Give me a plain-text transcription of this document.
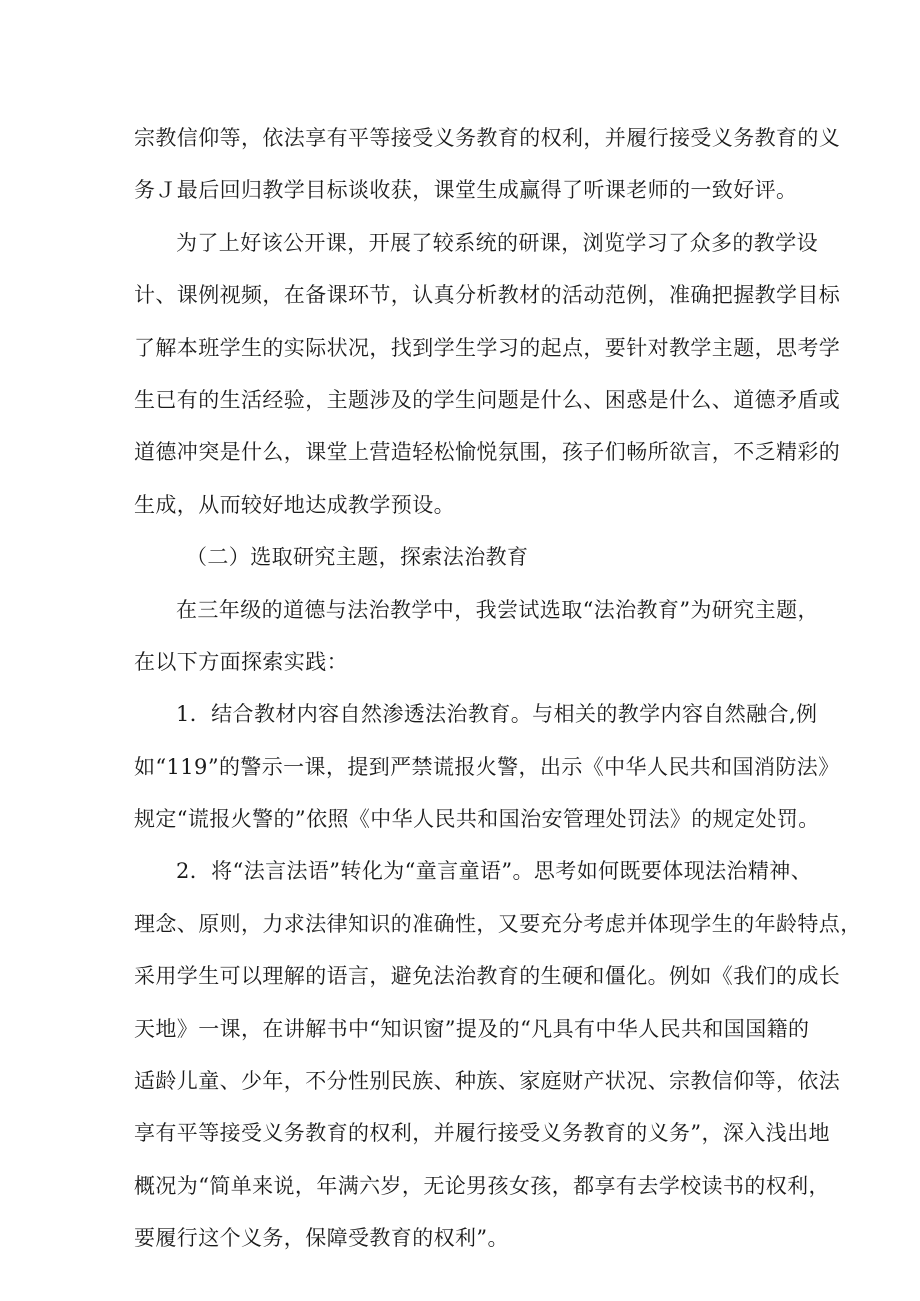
宗教信仰等，依法享有平等接受义务教育的权利，并履行接受义务教育的义
务Ｊ最后回归教学目标谈收获，课堂生成赢得了听课老师的一致好评。
为了上好该公开课，开展了较系统的研课，浏览学习了众多的教学设
计、课例视频，在备课环节，认真分析教材的活动范例，准确把握教学目标
了解本班学生的实际状况，找到学生学习的起点，要针对教学主题，思考学
生已有的生活经验，主题涉及的学生问题是什么、困惑是什么、道德矛盾或
道德冲突是什么，课堂上营造轻松愉悦氛围，孩子们畅所欲言，不乏精彩的
生成，从而较好地达成教学预设。
（二）选取研究主题，探索法治教育
在三年级的道德与法治教学中，我尝试选取“法治教育”为研究主题，
在以下方面探索实践：
1．结合教材内容自然渗透法治教育。与相关的教学内容自然融合,例
如“119”的警示一课，提到严禁谎报火警，出示《中华人民共和国消防法》
规定“谎报火警的”依照《中华人民共和国治安管理处罚法》的规定处罚。
2．将“法言法语”转化为“童言童语”。思考如何既要体现法治精神、
理念、原则，力求法律知识的准确性，又要充分考虑并体现学生的年龄特点，
采用学生可以理解的语言，避免法治教育的生硬和僵化。例如《我们的成长
天地》一课，在讲解书中“知识窗”提及的“凡具有中华人民共和国国籍的
适龄儿童、少年，不分性别民族、种族、家庭财产状况、宗教信仰等，依法
享有平等接受义务教育的权利，并履行接受义务教育的义务”，深入浅出地
概况为“简单来说，年满六岁，无论男孩女孩，都享有去学校读书的权利，
要履行这个义务，保障受教育的权利”。
